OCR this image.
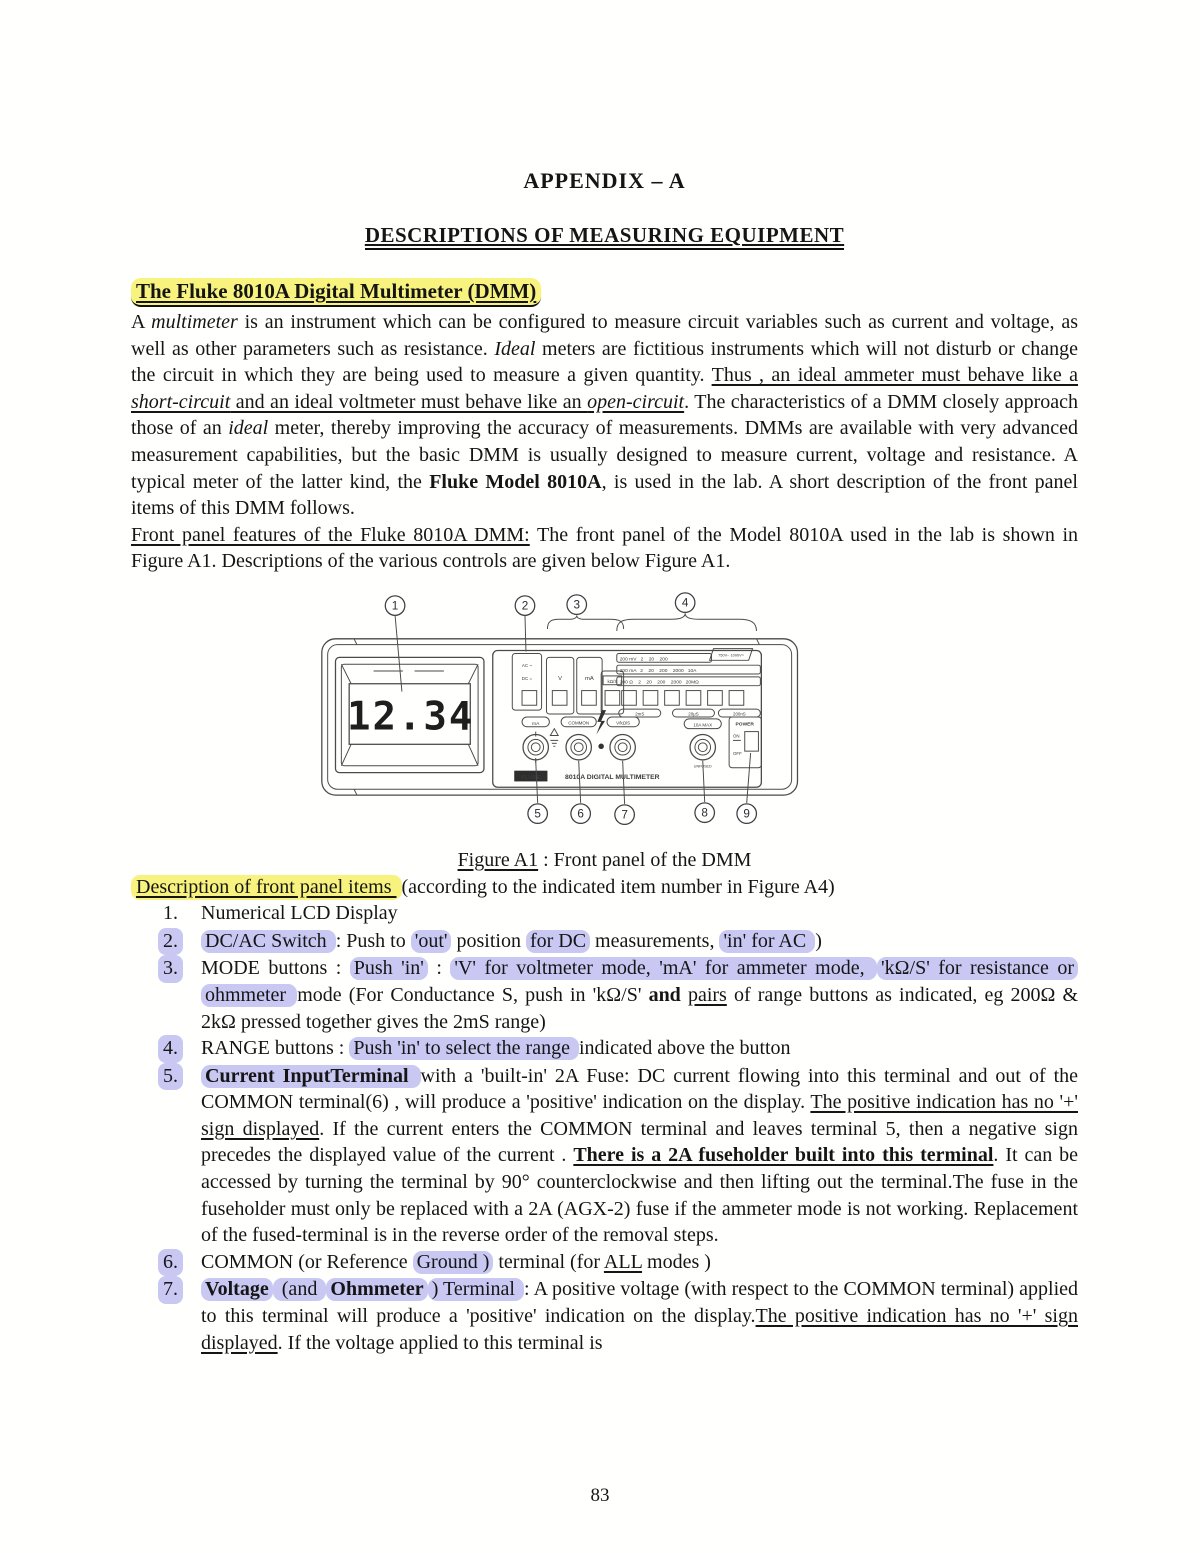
APPENDIX – A
DESCRIPTIONS OF MEASURING EQUIPMENT
The Fluke 8010A Digital Multimeter (DMM)

A multimeter is an instrument which can be configured to measure circuit variables such as current and voltage, as well as other parameters such as resistance. Ideal meters are fictitious instruments which will not disturb or change the circuit in which they are being used to measure a given quantity. Thus , an ideal ammeter must behave like a short-circuit and an ideal voltmeter must behave like an open-circuit. The characteristics of a DMM closely approach those of an ideal meter, thereby improving the accuracy of measurements. DMMs are available with very advanced measurement capabilities, but the basic DMM is usually designed to measure current, voltage and resistance. A typical meter of the latter kind, the Fluke Model 8010A, is used in the lab. A short description of the front panel items of this DMM follows.

Front panel features of the Fluke 8010A DMM: The front panel of the Model 8010A used in the lab is shown in Figure A1. Descriptions of the various controls are given below Figure A1.

12.34
AC ~
DC =	V	mA	kΩ/S
200 mV   2    20    200
750V~ 1000V=
200 mA   2    20    200    2000   10A
200 Ω    2    20    200    2000   20MΩ
2mS	20μS	200nS
mA	COMMON	V/kΩ/S	10A MAX
UNFUSED
POWER
ON
OFF
FLUKE	8010A DIGITAL MULTIMETER
1	2	3	4
5	6	7	8	9
Figure A1 : Front panel of the DMM
Description of front panel items (according to the indicated item number in Figure A4)
1.	Numerical LCD Display
2.	DC/AC Switch : Push to 'out' position for DC measurements, 'in' for AC )
3.	MODE buttons : Push 'in' : 'V' for voltmeter mode, 'mA' for ammeter mode, 'kΩ/S' for resistance or ohmmeter mode (For Conductance S, push in 'kΩ/S' and pairs of range buttons as indicated, eg 200Ω & 2kΩ pressed together gives the 2mS range)
4.	RANGE buttons : Push 'in' to select the range indicated above the button
5.	Current InputTerminal with a 'built-in' 2A Fuse: DC current flowing into this terminal and out of the COMMON terminal(6) , will produce a 'positive' indication on the display. The positive indication has no '+' sign displayed. If the current enters the COMMON terminal and leaves terminal 5, then a negative sign precedes the displayed value of the current . There is a 2A fuseholder built into this terminal. It can be accessed by turning the terminal by 90° counterclockwise and then lifting out the terminal.The fuse in the fuseholder must only be replaced with a 2A (AGX-2) fuse if the ammeter mode is not working. Replacement of the fused-terminal is in the reverse order of the removal steps.
6.	COMMON (or Reference Ground ) terminal (for ALL modes )
7.	Voltage (and Ohmmeter ) Terminal : A positive voltage (with respect to the COMMON terminal) applied to this terminal will produce a 'positive' indication on the display.The positive indication has no '+' sign displayed. If the voltage applied to this terminal is
83
